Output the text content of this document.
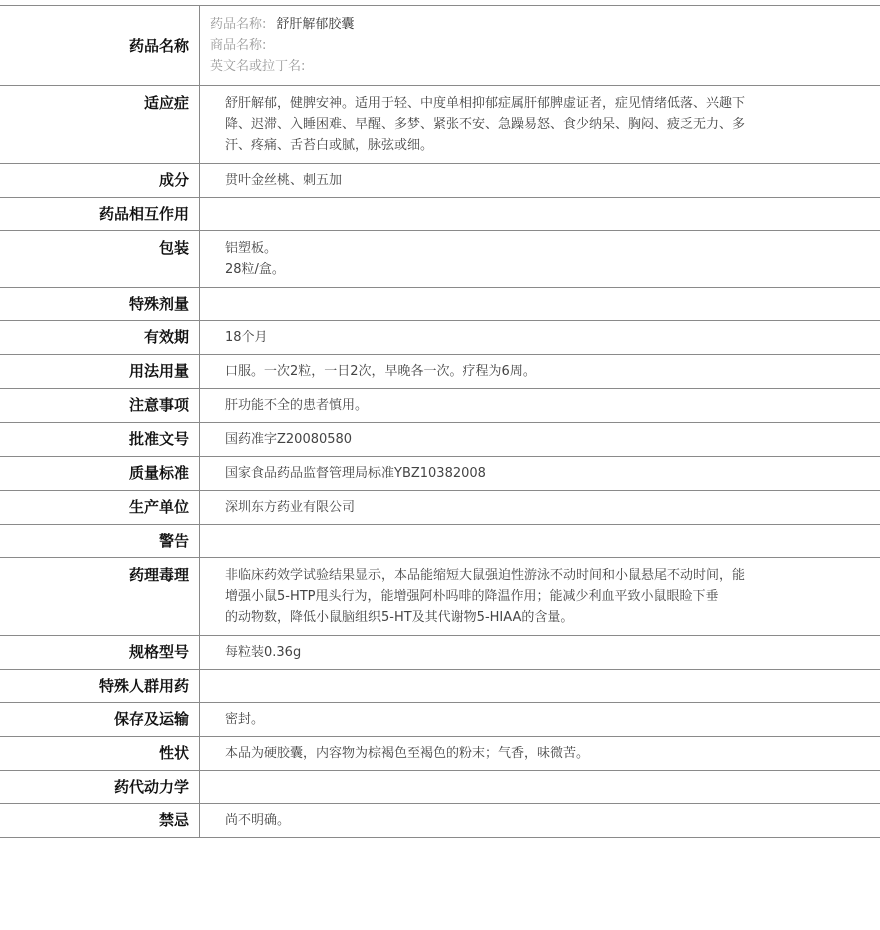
药品名称	药品名称: 舒肝解郁胶囊
商品名称:
英文名或拉丁名:

适应症	舒肝解郁，健脾安神。适用于轻、中度单相抑郁症属肝郁脾虚证者，症见情绪低落、兴趣下
降、迟滞、入睡困难、早醒、多梦、紧张不安、急躁易怒、食少纳呆、胸闷、疲乏无力、多
汗、疼痛、舌苔白或腻，脉弦或细。

成分	贯叶金丝桃、刺五加

药品相互作用	
包装	铝塑板。
28粒/盒。

特殊剂量	
有效期	18个月

用法用量	口服。一次2粒，一日2次，早晚各一次。疗程为6周。

注意事项	肝功能不全的患者慎用。

批准文号	国药准字Z20080580

质量标准	国家食品药品监督管理局标准YBZ10382008

生产单位	深圳东方药业有限公司

警告	
药理毒理	非临床药效学试验结果显示，本品能缩短大鼠强迫性游泳不动时间和小鼠悬尾不动时间，能
增强小鼠5-HTP甩头行为，能增强阿朴吗啡的降温作用；能减少利血平致小鼠眼睑下垂
的动物数，降低小鼠脑组织5-HT及其代谢物5-HIAA的含量。

规格型号	每粒装0.36g

特殊人群用药	
保存及运输	密封。

性状	本品为硬胶囊，内容物为棕褐色至褐色的粉末；气香，味微苦。

药代动力学	
禁忌	尚不明确。
